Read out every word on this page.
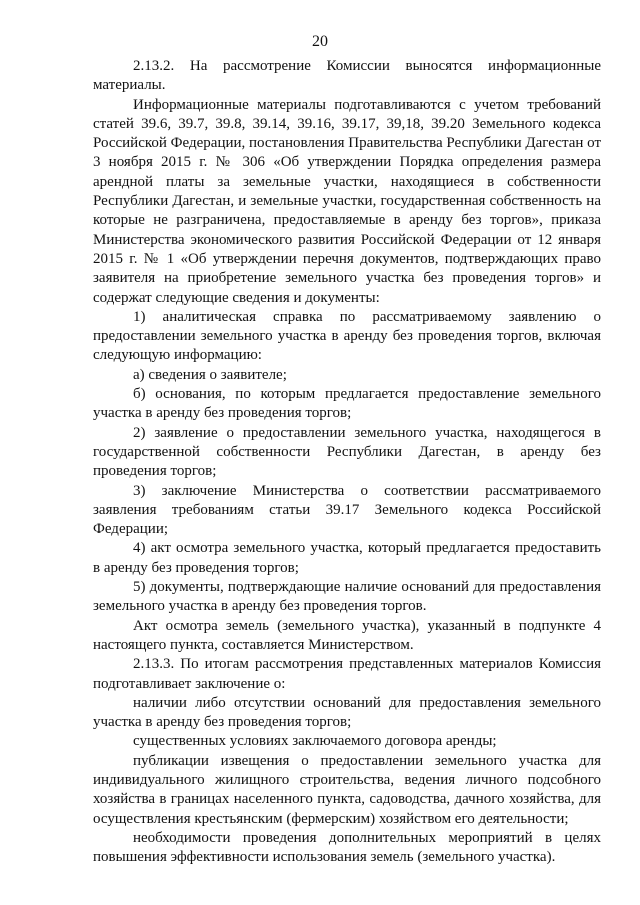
20

2.13.2. На рассмотрение Комиссии выносятся информационные материалы.

Информационные материалы подготавливаются с учетом требований статей 39.6, 39.7, 39.8, 39.14, 39.16, 39.17, 39,18, 39.20 Земельного кодекса Российской Федерации, постановления Правительства Республики Дагестан от 3 ноября 2015 г. № 306 «Об утверждении Порядка определения размера арендной платы за земельные участки, находящиеся в собственности Республики Дагестан, и земельные участки, государственная собственность на которые не разграничена, предоставляемые в аренду без торгов», приказа Министерства экономического развития Российской Федерации от 12 января 2015 г. № 1 «Об утверждении перечня документов, подтверждающих право заявителя на приобретение земельного участка без проведения торгов» и содержат следующие сведения и документы:

1) аналитическая справка по рассматриваемому заявлению о предоставлении земельного участка в аренду без проведения торгов, включая следующую информацию:

а) сведения о заявителе;

б) основания, по которым предлагается предоставление земельного участка в аренду без проведения торгов;

2) заявление о предоставлении земельного участка, находящегося в государственной собственности Республики Дагестан, в аренду без проведения торгов;

3) заключение Министерства о соответствии рассматриваемого заявления требованиям статьи 39.17 Земельного кодекса Российской Федерации;

4) акт осмотра земельного участка, который предлагается предоставить в аренду без проведения торгов;

5) документы, подтверждающие наличие оснований для предоставления земельного участка в аренду без проведения торгов.

Акт осмотра земель (земельного участка), указанный в подпункте 4 настоящего пункта, составляется Министерством.

2.13.3. По итогам рассмотрения представленных материалов Комиссия подготавливает заключение о:

наличии либо отсутствии оснований для предоставления земельного участка в аренду без проведения торгов;

существенных условиях заключаемого договора аренды;

публикации извещения о предоставлении земельного участка для индивидуального жилищного строительства, ведения личного подсобного хозяйства в границах населенного пункта, садоводства, дачного хозяйства, для осуществления крестьянским (фермерским) хозяйством его деятельности;

необходимости проведения дополнительных мероприятий в целях повышения эффективности использования земель (земельного участка).
